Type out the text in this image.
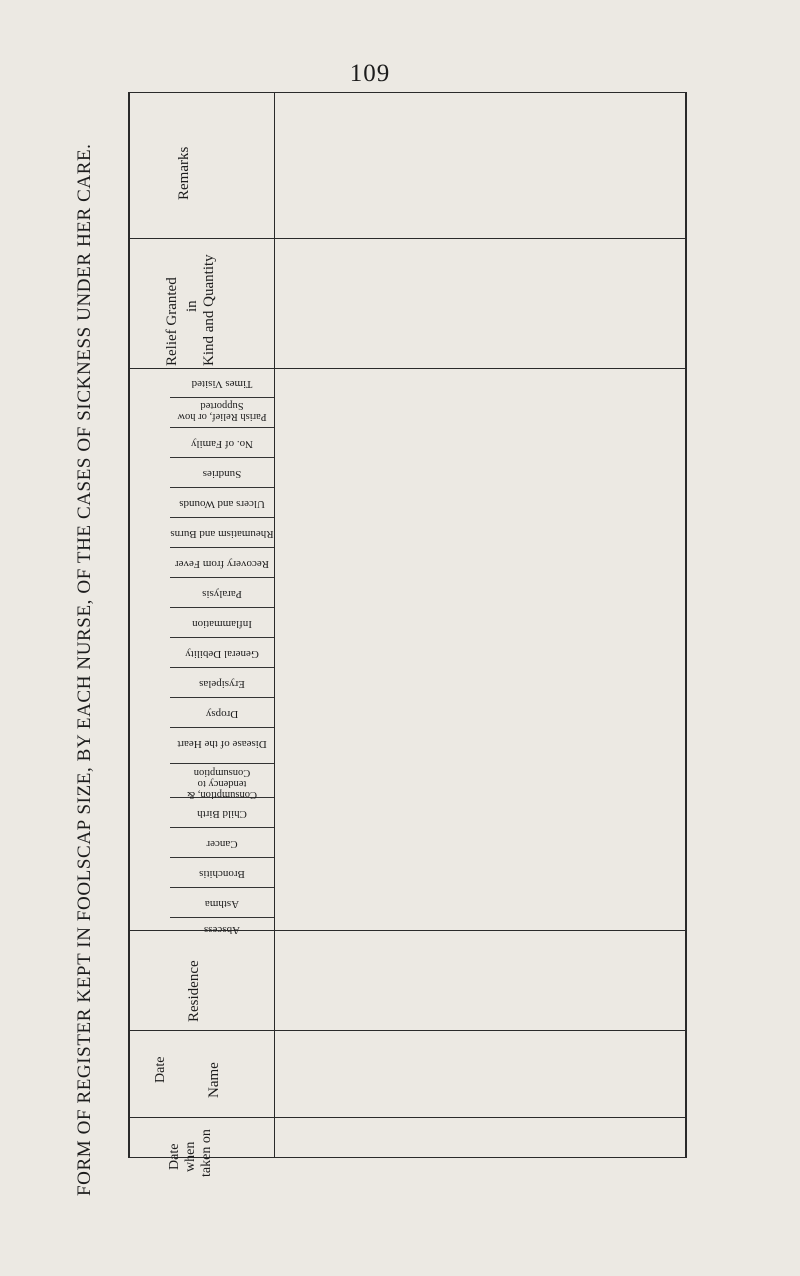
109
FORM OF REGISTER KEPT IN FOOLSCAP SIZE, BY EACH NURSE, OF THE CASES OF SICKNESS UNDER HER CARE.	Remarks
Relief Granted in Kind and Quantity
Residence
Date	Name
Date when taken on
Times Visited
Parish Relief, or how Supported
No. of Family
Sundries
Ulcers and Wounds
Rheumatism and Burns
Recovery from Fever
Paralysis
Inflammation
General Debility
Erysipelas
Dropsy
Disease of the Heart
Consumption, & tendency to Consumption
Child Birth
Cancer
Bronchitis
Asthma
Abscess
